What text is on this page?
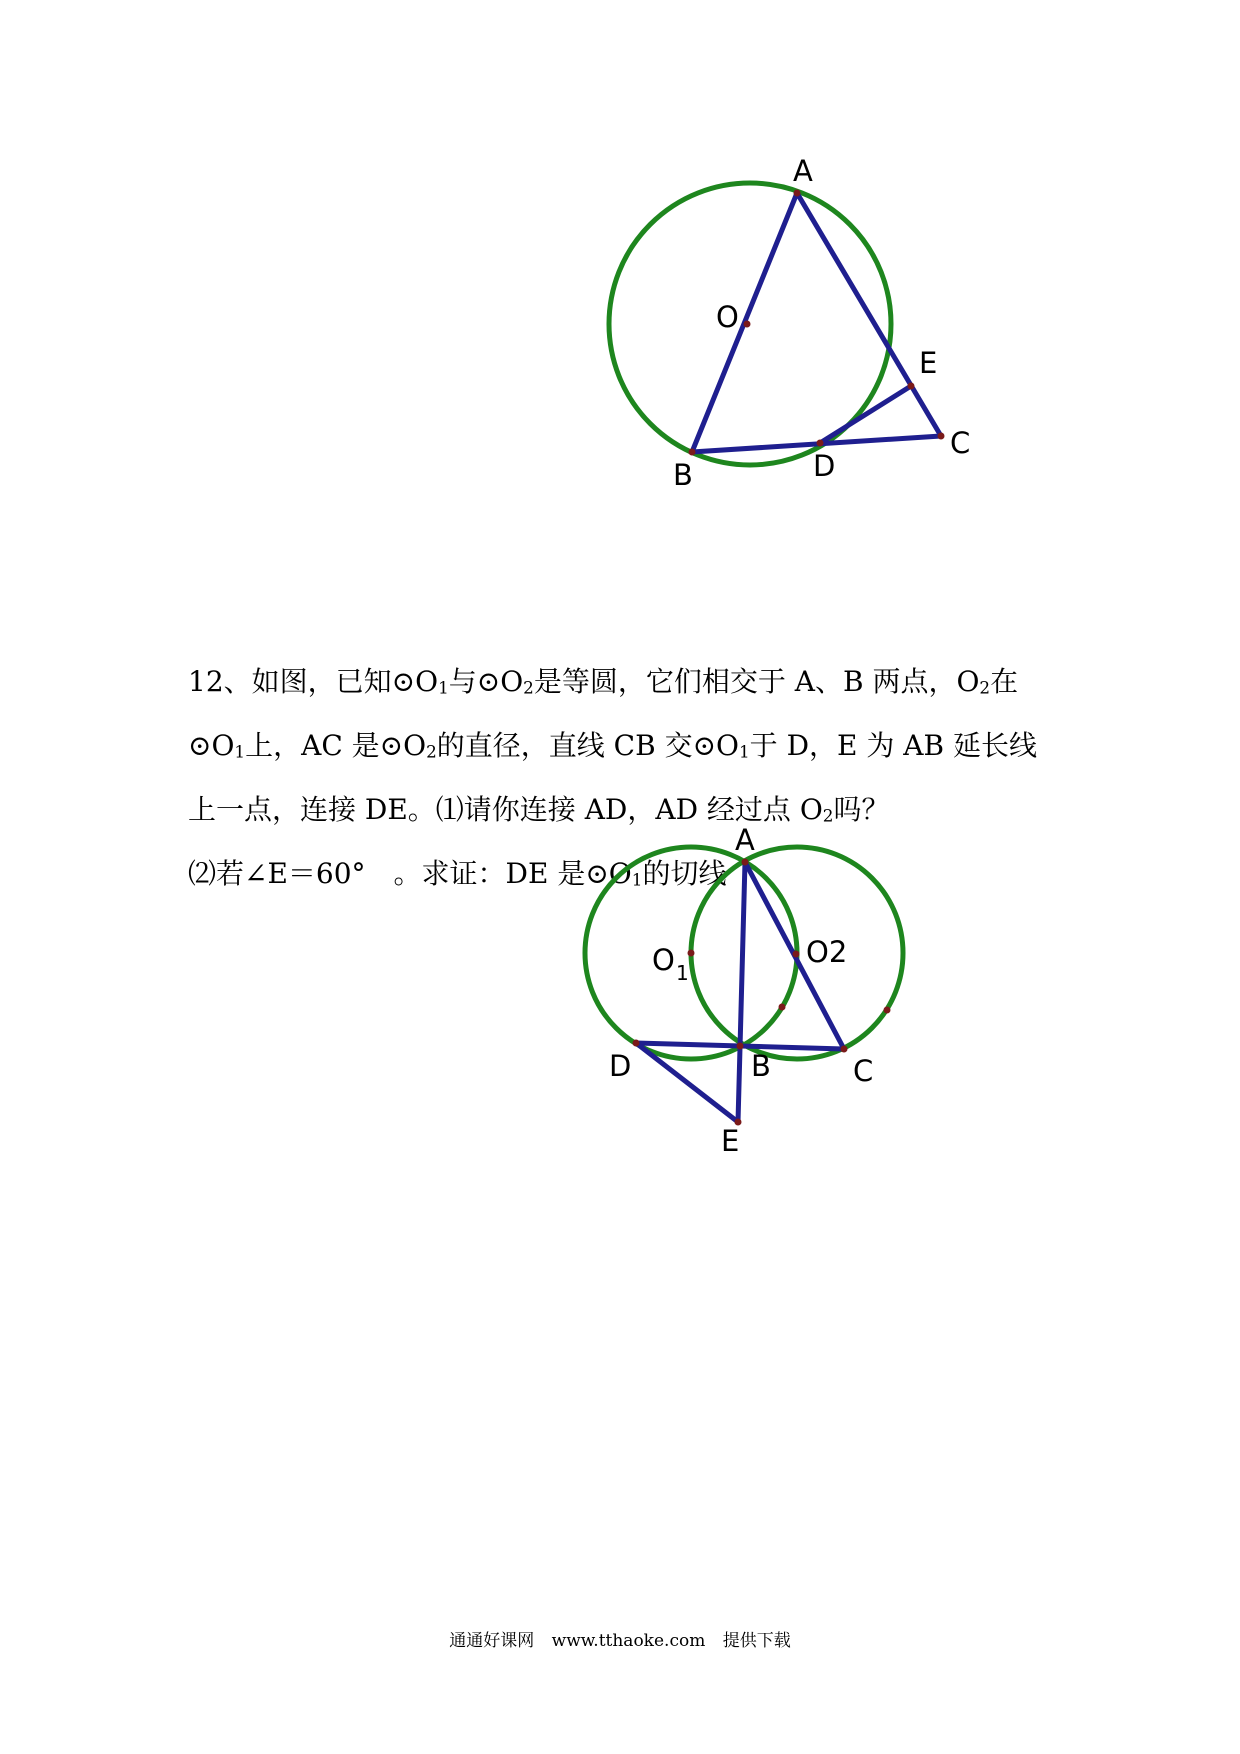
A
O
E
C
B	D
12、如图，已知$⊙O_1$与$⊙O_2$是等圆，它们相交于 A、B 两点，$O_2$在
$⊙O_1$上，AC 是$⊙O_2$的直径，直线 CB 交$⊙O_1$于 D，E 为 AB 延长线
上一点，连接 DE。⑴请你连接 AD，AD 经过点 $O_2$吗？
⑵若∠E＝60°　。求证：DE 是$⊙O_1$的切线
A
O 1
O2
D	B	C
E
通通好课网 www.tthaoke.com 提供下载
